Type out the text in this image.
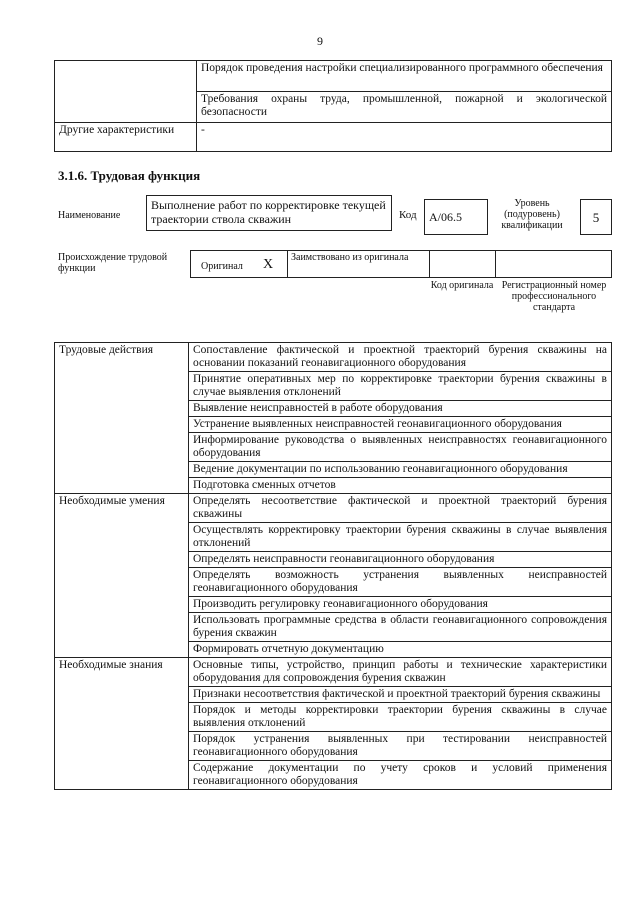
9
	Порядок проведения настройки специализированного программного обеспечения
	Требования охраны труда, промышленной, пожарной и экологической безопасности
Другие характеристики	-
3.1.6. Трудовая функция
Наименование
Выполнение работ по корректировке текущей траектории ствола скважин	Код	А/06.5
Уровень (подуровень) квалификации
5
Происхождение трудовой функции	Оригинал X Заимствовано из оригинала
Код оригинала Регистрационный номер профессионального стандарта
Трудовые действия	Сопоставление фактической и проектной траекторий бурения скважины на основании показаний геонавигационного оборудования
	Принятие оперативных мер по корректировке траектории бурения скважины в случае выявления отклонений
	Выявление неисправностей в работе оборудования
	Устранение выявленных неисправностей геонавигационного оборудования
	Информирование руководства о выявленных неисправностях геонавигационного оборудования
	Ведение документации по использованию геонавигационного оборудования
	Подготовка сменных отчетов
Необходимые умения	Определять несоответствие фактической и проектной траекторий бурения скважины
	Осуществлять корректировку траектории бурения скважины в случае выявления отклонений
	Определять неисправности геонавигационного оборудования
	Определять возможность устранения выявленных неисправностей геонавигационного оборудования
	Производить регулировку геонавигационного оборудования
	Использовать программные средства в области геонавигационного сопровождения бурения скважин
	Формировать отчетную документацию
Необходимые знания	Основные типы, устройство, принцип работы и технические характеристики оборудования для сопровождения бурения скважин
	Признаки несоответствия фактической и проектной траекторий бурения скважины
	Порядок и методы корректировки траектории бурения скважины в случае выявления отклонений
	Порядок устранения выявленных при тестировании неисправностей геонавигационного оборудования
	Содержание документации по учету сроков и условий применения геонавигационного оборудования
